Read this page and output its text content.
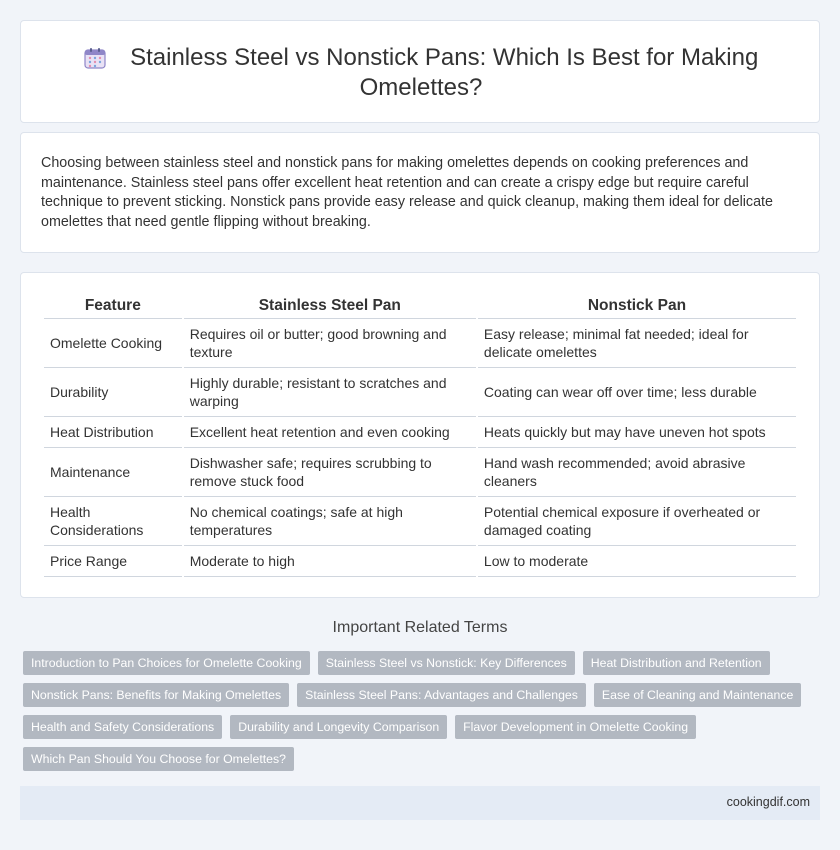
Stainless Steel vs Nonstick Pans: Which Is Best for Making Omelettes?

Choosing between stainless steel and nonstick pans for making omelettes depends on cooking preferences and maintenance. Stainless steel pans offer excellent heat retention and can create a crispy edge but require careful technique to prevent sticking. Nonstick pans provide easy release and quick cleanup, making them ideal for delicate omelettes that need gentle flipping without breaking.

Feature	Stainless Steel Pan	Nonstick Pan
Omelette Cooking	Requires oil or butter; good browning and texture	Easy release; minimal fat needed; ideal for delicate omelettes
Durability	Highly durable; resistant to scratches and warping	Coating can wear off over time; less durable
Heat Distribution	Excellent heat retention and even cooking	Heats quickly but may have uneven hot spots
Maintenance	Dishwasher safe; requires scrubbing to remove stuck food	Hand wash recommended; avoid abrasive cleaners
Health Considerations	No chemical coatings; safe at high temperatures	Potential chemical exposure if overheated or damaged coating
Price Range	Moderate to high	Low to moderate
Important Related Terms
Introduction to Pan Choices for Omelette Cooking	Stainless Steel vs Nonstick: Key Differences	Heat Distribution and Retention
Nonstick Pans: Benefits for Making Omelettes	Stainless Steel Pans: Advantages and Challenges	Ease of Cleaning and Maintenance
Health and Safety Considerations	Durability and Longevity Comparison	Flavor Development in Omelette Cooking
Which Pan Should You Choose for Omelettes?
cookingdif.com
